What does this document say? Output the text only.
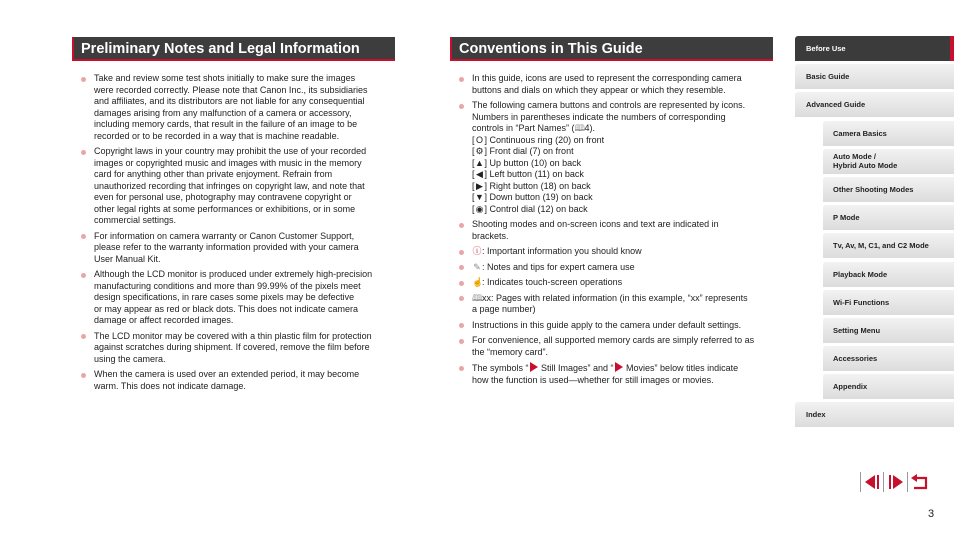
Preliminary Notes and Legal Information
Take and review some test shots initially to make sure the images
were recorded correctly. Please note that Canon Inc., its subsidiaries
and affiliates, and its distributors are not liable for any consequential
damages arising from any malfunction of a camera or accessory,
including memory cards, that result in the failure of an image to be
recorded or to be recorded in a way that is machine readable.
Copyright laws in your country may prohibit the use of your recorded
images or copyrighted music and images with music in the memory
card for anything other than private enjoyment. Refrain from
unauthorized recording that infringes on copyright law, and note that
even for personal use, photography may contravene copyright or
other legal rights at some performances or exhibitions, or in some
commercial settings.
For information on camera warranty or Canon Customer Support,
please refer to the warranty information provided with your camera
User Manual Kit.
Although the LCD monitor is produced under extremely high-precision
manufacturing conditions and more than 99.99% of the pixels meet
design specifications, in rare cases some pixels may be defective
or may appear as red or black dots. This does not indicate camera
damage or affect recorded images.
The LCD monitor may be covered with a thin plastic film for protection
against scratches during shipment. If covered, remove the film before
using the camera.
When the camera is used over an extended period, it may become
warm. This does not indicate damage.
Conventions in This Guide
In this guide, icons are used to represent the corresponding camera
buttons and dials on which they appear or which they resemble.
The following camera buttons and controls are represented by icons.
Numbers in parentheses indicate the numbers of corresponding
controls in “Part Names” (🕮4).
[O ] Continuous ring (20) on front
[⚙] Front dial (7) on front
[▲] Up button (10) on back
[ ◀ ] Left button (11) on back
[ ▶ ] Right button (18) on back
[▼] Down button (19) on back
[◉] Control dial (12) on back
Shooting modes and on-screen icons and text are indicated in
brackets.
ⓘ: Important information you should know
✎: Notes and tips for expert camera use
☝: Indicates touch-screen operations
🕮xx: Pages with related information (in this example, “xx” represents
a page number)
Instructions in this guide apply to the camera under default settings.
For convenience, all supported memory cards are simply referred to as
the “memory card”.
The symbols “ Still Images” and “ Movies” below titles indicate
how the function is used—whether for still images or movies.
Before Use
Basic Guide
Advanced Guide
Camera Basics
Auto Mode /
Hybrid Auto Mode
Other Shooting Modes
P Mode
Tv, Av, M, C1, and C2 Mode
Playback Mode
Wi-Fi Functions
Setting Menu
Accessories
Appendix
Index
3
